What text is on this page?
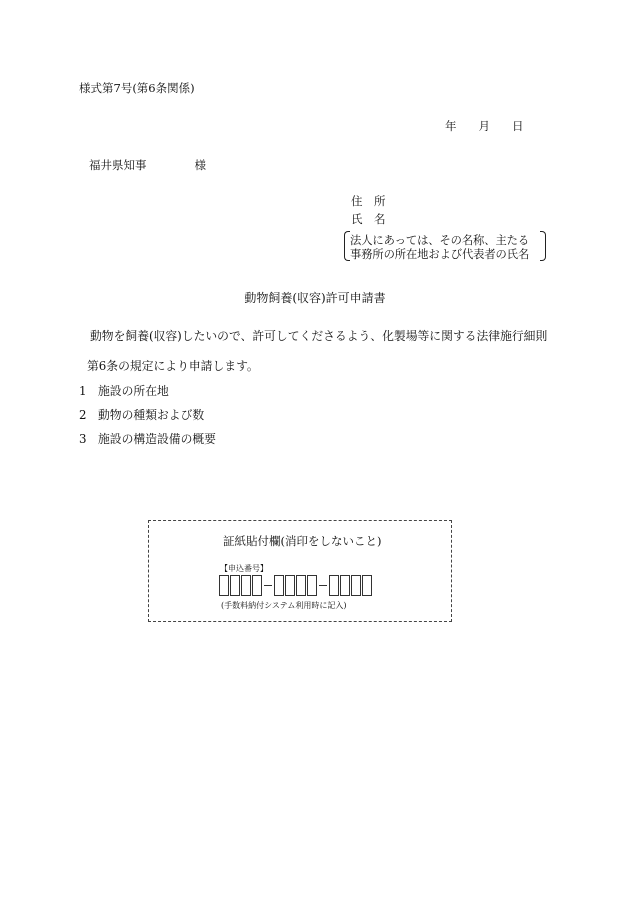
様式第7号(第6条関係)
年 月 日
福井県知事	様
住　所
氏　名
法人にあっては、その名称、主たる
事務所の所在地および代表者の氏名
動物飼養(収容)許可申請書
動物を飼養(収容)したいので、許可してくださるよう、化製場等に関する法律施行細則
第6条の規定により申請します。
1 施設の所在地
2 動物の種類および数
3 施設の構造設備の概要
証紙貼付欄(消印をしないこと)
【申込番号】
(手数料納付システム利用時に記入)
